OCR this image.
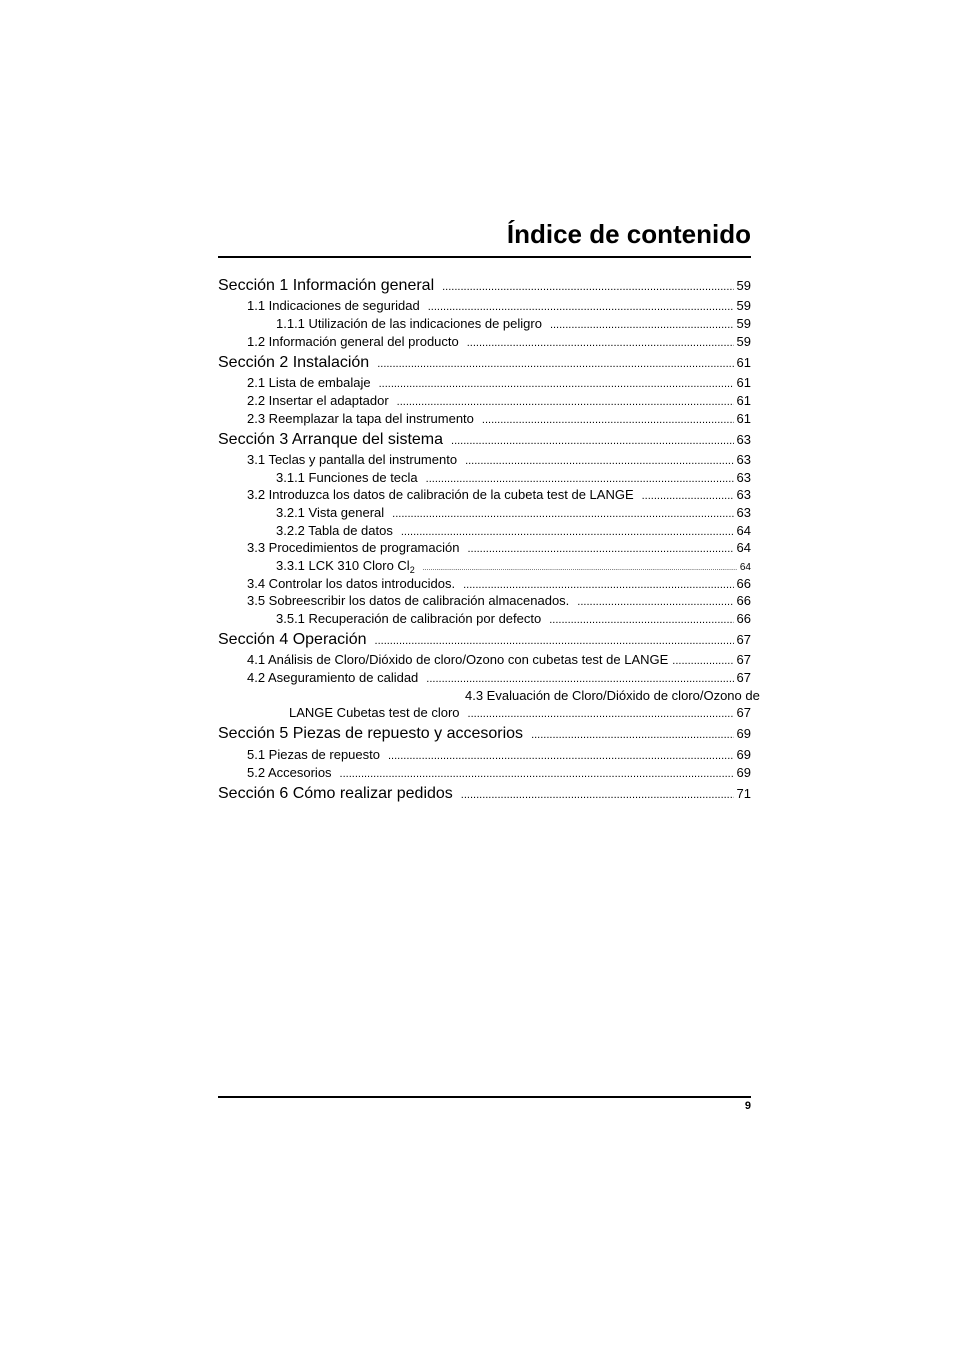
Índice de contenido
Sección 1 Información general .....	59
1.1 Indicaciones de seguridad .....	59
1.1.1 Utilización de las indicaciones de peligro .....	59
1.2 Información general del producto .....	59
Sección 2 Instalación .....	61
2.1 Lista de embalaje .....	61
2.2 Insertar el adaptador .....	61
2.3 Reemplazar la tapa del instrumento .....	61
Sección 3 Arranque del sistema .....	63
3.1 Teclas y pantalla del instrumento .....	63
3.1.1 Funciones de tecla .....	63
3.2 Introduzca los datos de calibración de la cubeta test de LANGE .....	63
3.2.1 Vista general .....	63
3.2.2 Tabla de datos .....	64
3.3 Procedimientos de programación .....	64
3.3.1 LCK 310 Cloro $Cl_2$ .....	64
3.4 Controlar los datos introducidos. .....	66
3.5 Sobreescribir los datos de calibración almacenados. .....	66
3.5.1 Recuperación de calibración por defecto .....	66
Sección 4 Operación .....	67
4.1 Análisis de Cloro/Dióxido de cloro/Ozono con cubetas test de LANGE .....	67
4.2 Aseguramiento de calidad .....	67
4.3 Evaluación de Cloro/Dióxido de cloro/Ozono de
LANGE Cubetas test de cloro .....	67
Sección 5 Piezas de repuesto y accesorios .....	69
5.1 Piezas de repuesto .....	69
5.2 Accesorios .....	69
Sección 6 Cómo realizar pedidos .....	71
9
